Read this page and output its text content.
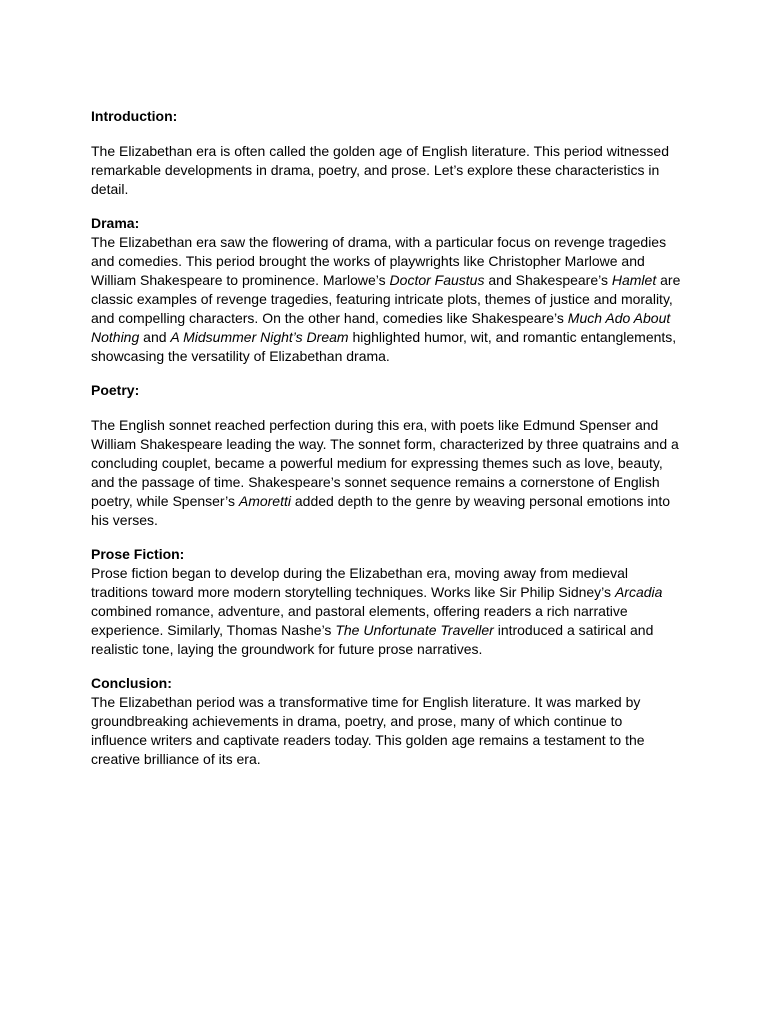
Introduction:

The Elizabethan era is often called the golden age of English literature. This period witnessed remarkable developments in drama, poetry, and prose. Let’s explore these characteristics in detail.

Drama:

The Elizabethan era saw the flowering of drama, with a particular focus on revenge tragedies and comedies. This period brought the works of playwrights like Christopher Marlowe and William Shakespeare to prominence. Marlowe’s Doctor Faustus and Shakespeare’s Hamlet are classic examples of revenge tragedies, featuring intricate plots, themes of justice and morality, and compelling characters. On the other hand, comedies like Shakespeare’s Much Ado About Nothing and A Midsummer Night’s Dream highlighted humor, wit, and romantic entanglements, showcasing the versatility of Elizabethan drama.

Poetry:

The English sonnet reached perfection during this era, with poets like Edmund Spenser and William Shakespeare leading the way. The sonnet form, characterized by three quatrains and a concluding couplet, became a powerful medium for expressing themes such as love, beauty, and the passage of time. Shakespeare’s sonnet sequence remains a cornerstone of English poetry, while Spenser’s Amoretti added depth to the genre by weaving personal emotions into his verses.

Prose Fiction:

Prose fiction began to develop during the Elizabethan era, moving away from medieval traditions toward more modern storytelling techniques. Works like Sir Philip Sidney’s Arcadia combined romance, adventure, and pastoral elements, offering readers a rich narrative experience. Similarly, Thomas Nashe’s The Unfortunate Traveller introduced a satirical and realistic tone, laying the groundwork for future prose narratives.

Conclusion:

The Elizabethan period was a transformative time for English literature. It was marked by groundbreaking achievements in drama, poetry, and prose, many of which continue to influence writers and captivate readers today. This golden age remains a testament to the creative brilliance of its era.
